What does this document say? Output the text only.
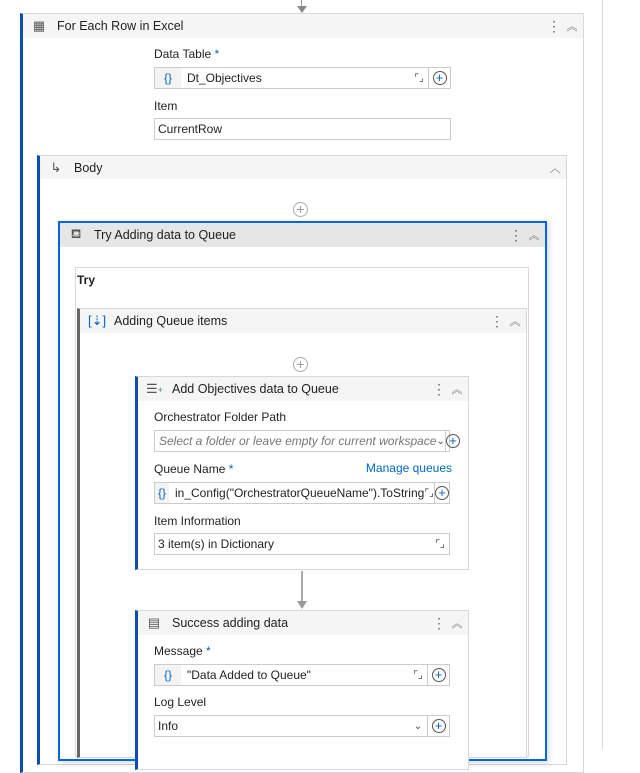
▦ For Each Row in Excel	⋮ ︽
Data Table *
{}	Dt_Objectives	⌜⌟ +
Item
CurrentRow
↳ Body	︿
+
⛾ Try Adding data to Queue	⋮ ︽
Try
[⇣] Adding Queue items	⋮ ︽
+
☰+ Add Objectives data to Queue	⋮ ︽
Orchestrator Folder Path
Select a folder or leave empty for current workspace ⌄ +
Queue Name *	Manage queues
{} in_Config("OrchestratorQueueName").ToString ⌜⌟ +
Item Information
3 item(s) in Dictionary	⌜⌟
▤ Success adding data	⋮ ︽
Message *
{}	"Data Added to Queue"	⌜⌟ +
Log Level
Info	⌄ +
